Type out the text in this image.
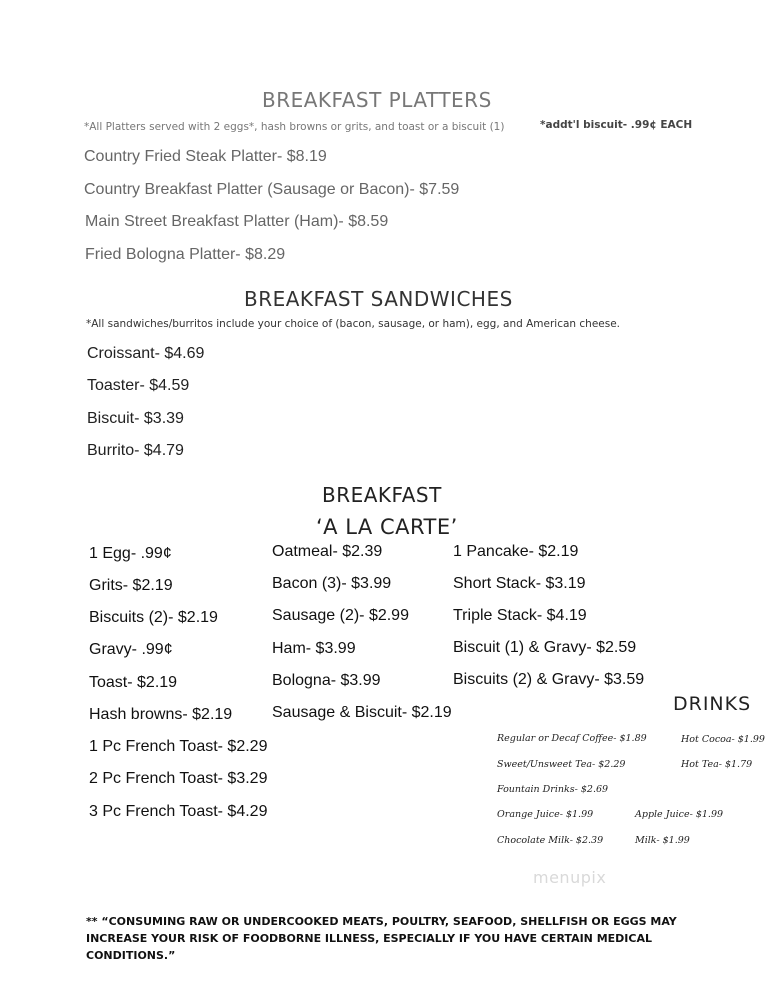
BREAKFAST PLATTERS
*All Platters served with 2 eggs*, hash browns or grits, and toast or a biscuit (1)	*addt'l biscuit- .99¢ EACH
Country Fried Steak Platter- $8.19
Country Breakfast Platter (Sausage or Bacon)- $7.59
Main Street Breakfast Platter (Ham)- $8.59
Fried Bologna Platter- $8.29
BREAKFAST SANDWICHES
*All sandwiches/burritos include your choice of (bacon, sausage, or ham), egg, and American cheese.
Croissant- $4.69
Toaster- $4.59
Biscuit- $3.39
Burrito- $4.79
BREAKFAST
‘A LA CARTE’
1 Egg- .99¢
Grits- $2.19
Biscuits (2)- $2.19
Gravy- .99¢
Toast- $2.19
Hash browns- $2.19
1 Pc French Toast- $2.29
2 Pc French Toast- $3.29
3 Pc French Toast- $4.29
Oatmeal- $2.39
Bacon (3)- $3.99
Sausage (2)- $2.99
Ham- $3.99
Bologna- $3.99
Sausage & Biscuit- $2.19
1 Pancake- $2.19
Short Stack- $3.19
Triple Stack- $4.19
Biscuit (1) & Gravy- $2.59
Biscuits (2) & Gravy- $3.59
DRINKS
Regular or Decaf Coffee- $1.89	Hot Cocoa- $1.99
Sweet/Unsweet Tea- $2.29	Hot Tea- $1.79
Fountain Drinks- $2.69
Orange Juice- $1.99	Apple Juice- $1.99
Chocolate Milk- $2.39	Milk- $1.99
menupix
** “CONSUMING RAW OR UNDERCOOKED MEATS, POULTRY, SEAFOOD, SHELLFISH OR EGGS MAY INCREASE YOUR RISK OF FOODBORNE ILLNESS, ESPECIALLY IF YOU HAVE CERTAIN MEDICAL CONDITIONS.”
